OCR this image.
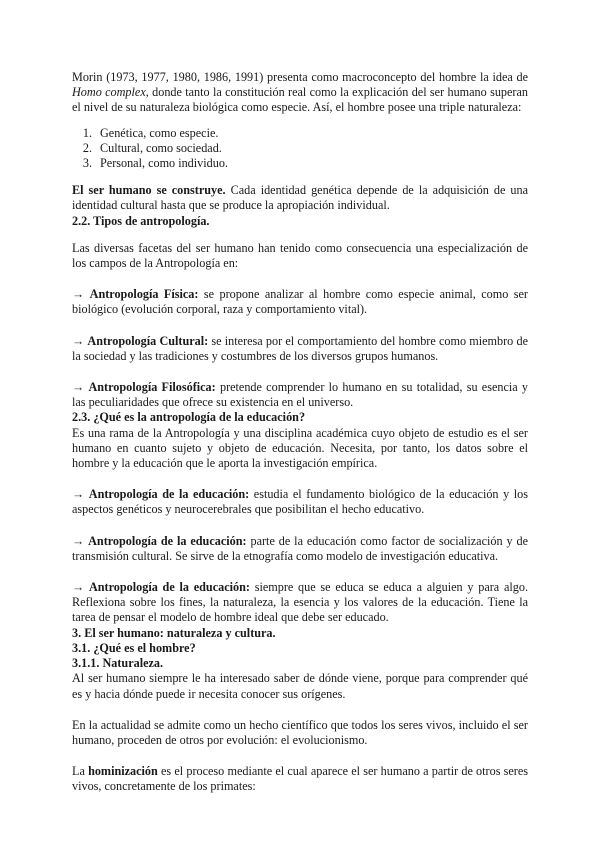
Morin (1973, 1977, 1980, 1986, 1991) presenta como macroconcepto del hombre la idea de Homo complex, donde tanto la constitución real como la explicación del ser humano superan el nivel de su naturaleza biológica como especie. Así, el hombre posee una triple naturaleza:

1. Genética, como especie.
2. Cultural, como sociedad.
3. Personal, como individuo.

El ser humano se construye. Cada identidad genética depende de la adquisición de una identidad cultural hasta que se produce la apropiación individual.

2.2. Tipos de antropología.

Las diversas facetas del ser humano han tenido como consecuencia una especialización de los campos de la Antropología en:

→ Antropología Física: se propone analizar al hombre como especie animal, como ser biológico (evolución corporal, raza y comportamiento vital).

→ Antropología Cultural: se interesa por el comportamiento del hombre como miembro de la sociedad y las tradiciones y costumbres de los diversos grupos humanos.

→ Antropología Filosófica: pretende comprender lo humano en su totalidad, su esencia y las peculiaridades que ofrece su existencia en el universo.

2.3. ¿Qué es la antropología de la educación?

Es una rama de la Antropología y una disciplina académica cuyo objeto de estudio es el ser humano en cuanto sujeto y objeto de educación. Necesita, por tanto, los datos sobre el hombre y la educación que le aporta la investigación empírica.

→ Antropología de la educación: estudia el fundamento biológico de la educación y los aspectos genéticos y neurocerebrales que posibilitan el hecho educativo.

→ Antropología de la educación: parte de la educación como factor de socialización y de transmisión cultural. Se sirve de la etnografía como modelo de investigación educativa.

→ Antropología de la educación: siempre que se educa se educa a alguien y para algo. Reflexiona sobre los fines, la naturaleza, la esencia y los valores de la educación. Tiene la tarea de pensar el modelo de hombre ideal que debe ser educado.

3. El ser humano: naturaleza y cultura.

3.1. ¿Qué es el hombre?

3.1.1. Naturaleza.

Al ser humano siempre le ha interesado saber de dónde viene, porque para comprender qué es y hacia dónde puede ir necesita conocer sus orígenes.

En la actualidad se admite como un hecho científico que todos los seres vivos, incluido el ser humano, proceden de otros por evolución: el evolucionismo.

La hominización es el proceso mediante el cual aparece el ser humano a partir de otros seres vivos, concretamente de los primates:
